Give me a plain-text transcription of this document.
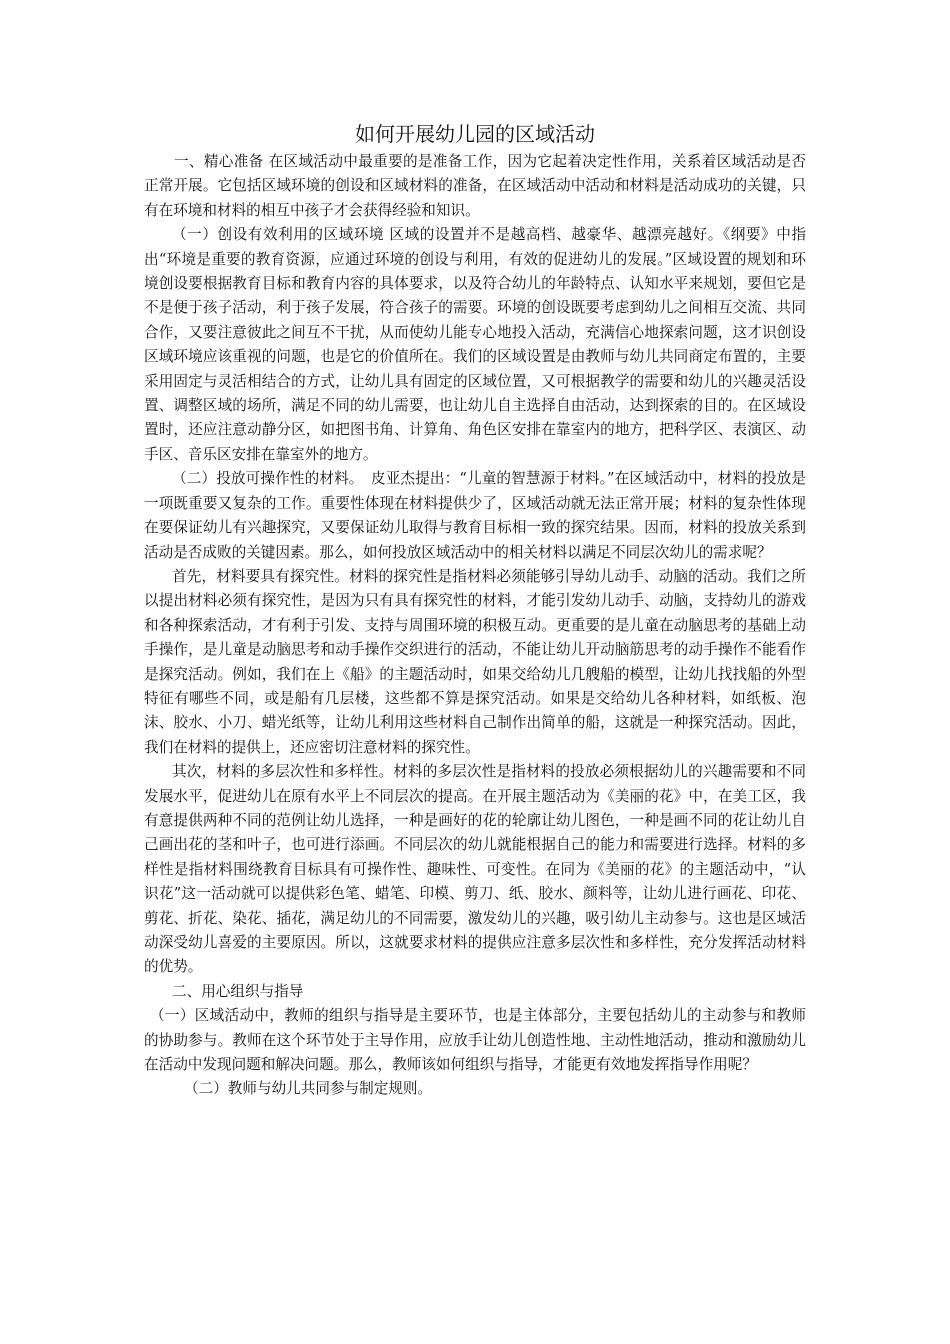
如何开展幼儿园的区域活动

一、精心准备 在区域活动中最重要的是准备工作，因为它起着决定性作用，关系着区域活动是否正常开展。它包括区域环境的创设和区域材料的准备，在区域活动中活动和材料是活动成功的关键，只有在环境和材料的相互中孩子才会获得经验和知识。

（一）创设有效利用的区域环境 区域的设置并不是越高档、越豪华、越漂亮越好。《纲要》中指出“环境是重要的教育资源，应通过环境的创设与利用，有效的促进幼儿的发展。”区域设置的规划和环境创设要根据教育目标和教育内容的具体要求，以及符合幼儿的年龄特点、认知水平来规划，要但它是不是便于孩子活动，利于孩子发展，符合孩子的需要。环境的创设既要考虑到幼儿之间相互交流、共同合作，又要注意彼此之间互不干扰，从而使幼儿能专心地投入活动，充满信心地探索问题，这才识创设区域环境应该重视的问题，也是它的价值所在。我们的区域设置是由教师与幼儿共同商定布置的，主要采用固定与灵活相结合的方式，让幼儿具有固定的区域位置，又可根据教学的需要和幼儿的兴趣灵活设置、调整区域的场所，满足不同的幼儿需要，也让幼儿自主选择自由活动，达到探索的目的。在区域设置时，还应注意动静分区，如把图书角、计算角、角色区安排在靠室内的地方，把科学区、表演区、动手区、音乐区安排在靠室外的地方。

（二）投放可操作性的材料。　皮亚杰提出：“儿童的智慧源于材料。”在区域活动中，材料的投放是一项既重要又复杂的工作。重要性体现在材料提供少了，区域活动就无法正常开展；材料的复杂性体现在要保证幼儿有兴趣探究，又要保证幼儿取得与教育目标相一致的探究结果。因而，材料的投放关系到活动是否成败的关键因素。那么，如何投放区域活动中的相关材料以满足不同层次幼儿的需求呢？

首先，材料要具有探究性。材料的探究性是指材料必须能够引导幼儿动手、动脑的活动。我们之所以提出材料必须有探究性，是因为只有具有探究性的材料，才能引发幼儿动手、动脑，支持幼儿的游戏和各种探索活动，才有利于引发、支持与周围环境的积极互动。更重要的是儿童在动脑思考的基础上动手操作，是儿童是动脑思考和动手操作交织进行的活动，不能让幼儿开动脑筋思考的动手操作不能看作是探究活动。例如，我们在上《船》的主题活动时，如果交给幼儿几艘船的模型，让幼儿找找船的外型特征有哪些不同，或是船有几层楼，这些都不算是探究活动。如果是交给幼儿各种材料，如纸板、泡沫、胶水、小刀、蜡光纸等，让幼儿利用这些材料自己制作出简单的船，这就是一种探究活动。因此，我们在材料的提供上，还应密切注意材料的探究性。

其次，材料的多层次性和多样性。材料的多层次性是指材料的投放必须根据幼儿的兴趣需要和不同发展水平，促进幼儿在原有水平上不同层次的提高。在开展主题活动为《美丽的花》中，在美工区，我有意提供两种不同的范例让幼儿选择，一种是画好的花的轮廓让幼儿图色，一种是画不同的花让幼儿自己画出花的茎和叶子，也可进行添画。不同层次的幼儿就能根据自己的能力和需要进行选择。材料的多样性是指材料围绕教育目标具有可操作性、趣味性、可变性。在同为《美丽的花》的主题活动中，“认识花”这一活动就可以提供彩色笔、蜡笔、印模、剪刀、纸、胶水、颜料等，让幼儿进行画花、印花、剪花、折花、染花、插花，满足幼儿的不同需要，激发幼儿的兴趣，吸引幼儿主动参与。这也是区域活动深受幼儿喜爱的主要原因。所以，这就要求材料的提供应注意多层次性和多样性，充分发挥活动材料的优势。

二、用心组织与指导

（一）区域活动中，教师的组织与指导是主要环节，也是主体部分，主要包括幼儿的主动参与和教师的协助参与。教师在这个环节处于主导作用，应放手让幼儿创造性地、主动性地活动，推动和激励幼儿在活动中发现问题和解决问题。那么，教师该如何组织与指导，才能更有效地发挥指导作用呢？

（二）教师与幼儿共同参与制定规则。
